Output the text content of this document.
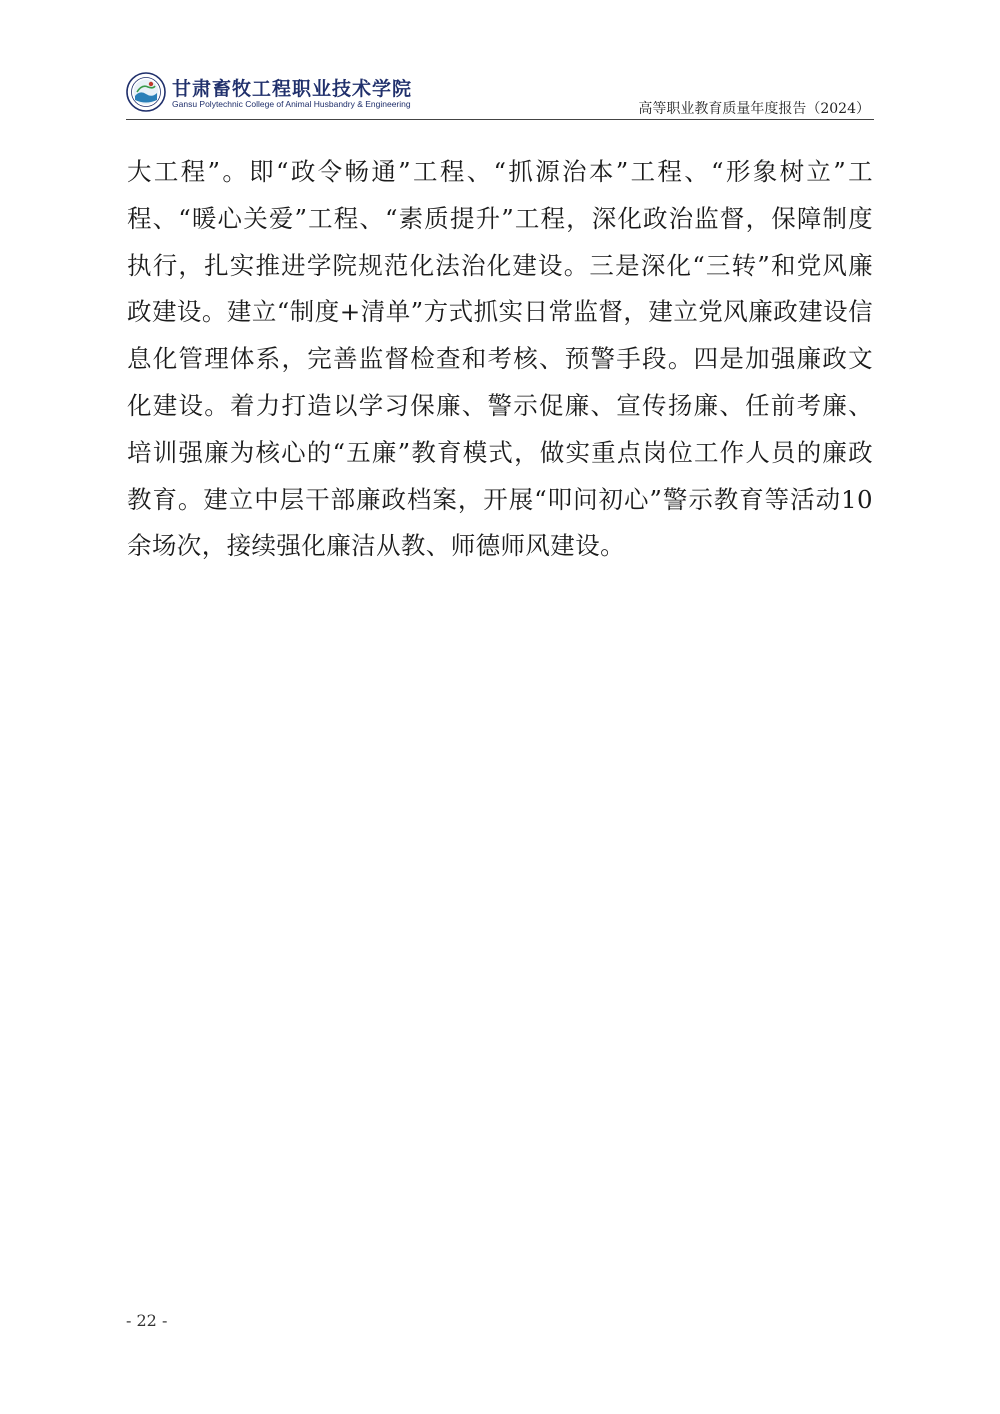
甘肃畜牧工程职业技术学院
Gansu Polytechnic College of Animal Husbandry & Engineering	高等职业教育质量年度报告（2024）
大工程”。即“政令畅通”工程、“抓源治本”工程、“形象树立”工程、“暖心关爱”工程、“素质提升”工程，深化政治监督，保障制度执行，扎实推进学院规范化法治化建设。三是深化“三转”和党风廉政建设。建立“制度+清单”方式抓实日常监督，建立党风廉政建设信息化管理体系，完善监督检查和考核、预警手段。四是加强廉政文化建设。着力打造以学习保廉、警示促廉、宣传扬廉、任前考廉、培训强廉为核心的“五廉”教育模式，做实重点岗位工作人员的廉政教育。建立中层干部廉政档案，开展“叩问初心”警示教育等活动10余场次，接续强化廉洁从教、师德师风建设。
- 22 -
